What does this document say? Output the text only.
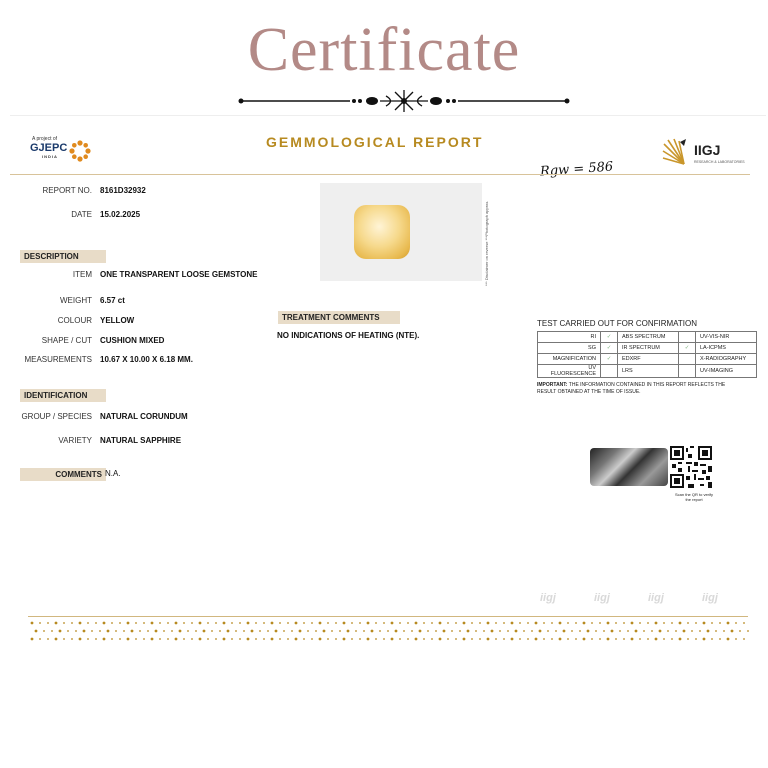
Certificate
A project of
GJEPC
INDIA
GEMMOLOGICAL REPORT	IIGJ
RESEARCH & LABORATORIES
Rgw = 586
REPORT NO. 8161D32932
DATE 15.02.2025
DESCRIPTION
ITEM ONE TRANSPARENT LOOSE GEMSTONE
WEIGHT 6.57 ct
COLOUR YELLOW
SHAPE / CUT CUSHION MIXED
MEASUREMENTS 10.67 X 10.00 X 6.18 MM.
IDENTIFICATION
GROUP / SPECIES NATURAL CORUNDUM
VARIETY NATURAL SAPPHIRE
COMMENTS N.A.
*** Disclaimer on reverse ***Photograph approx.
TREATMENT COMMENTS
NO INDICATIONS OF HEATING (NTE).
TEST CARRIED OUT FOR CONFIRMATION
RI	✓	ABS SPECTRUM		UV-VIS-NIR
SG	✓	IR SPECTRUM	✓	LA-ICPMS
MAGNIFICATION	✓	EDXRF		X-RADIOGRAPHY
UV FLUORESCENCE		LRS		UV-IMAGING
IMPORTANT: THE INFORMATION CONTAINED IN THIS REPORT REFLECTS THE RESULT OBTAINED AT THE TIME OF ISSUE.
Scan the QR to verify the report
iigj	iigj	iigj	iigj
